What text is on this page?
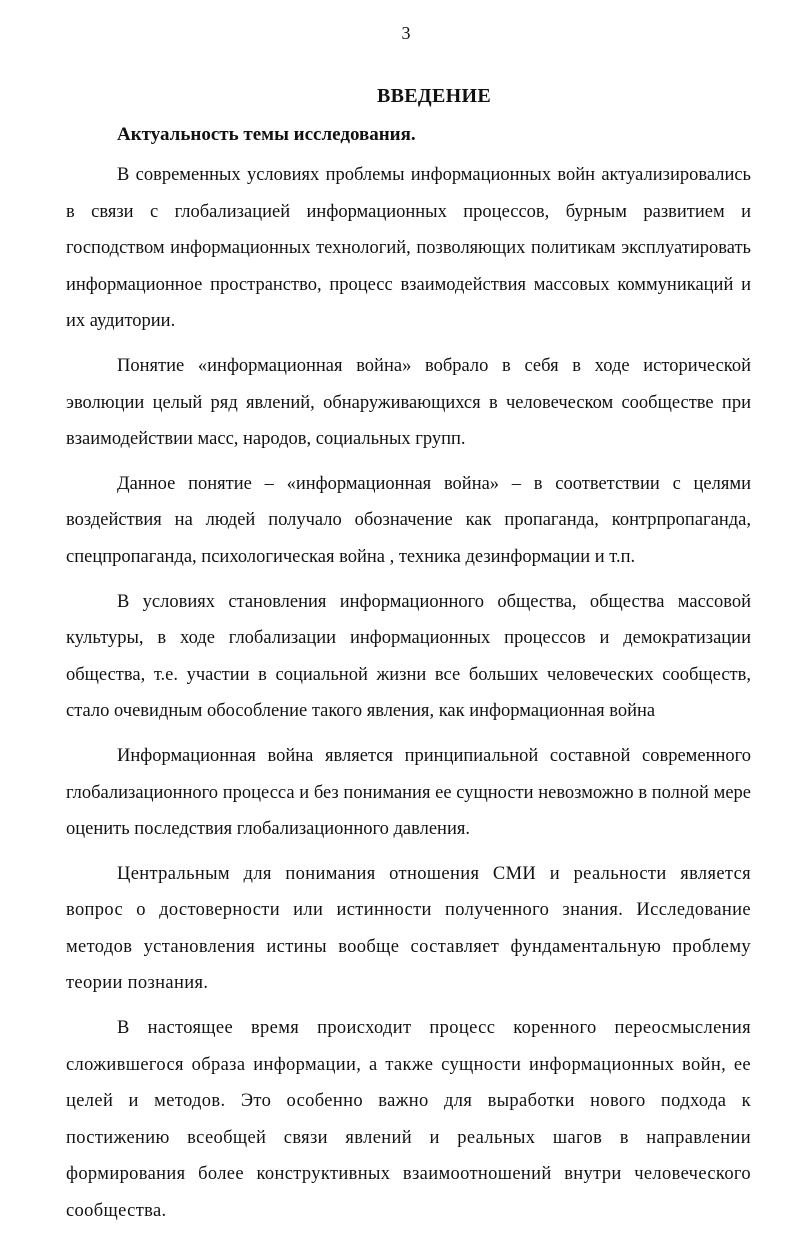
3
ВВЕДЕНИЕ
Актуальность темы исследования.

В современных условиях проблемы информационных войн актуализировались в связи с глобализацией информационных процессов, бурным развитием и господством информационных технологий, позволяющих политикам эксплуатировать информационное пространство, процесс взаимодействия массовых коммуникаций и их аудитории.

Понятие «информационная война» вобрало в себя в ходе исторической эволюции целый ряд явлений, обнаруживающихся в человеческом сообществе при взаимодействии масс, народов, социальных групп.

Данное понятие – «информационная война» – в соответствии с целями воздействия на людей получало обозначение как пропаганда, контрпропаганда, спецпропаганда, психологическая война , техника дезинформации и т.п.

В условиях становления информационного общества, общества массовой культуры, в ходе глобализации информационных процессов и демократизации общества, т.е. участии в социальной жизни все больших человеческих сообществ, стало очевидным обособление такого явления, как информационная война

Информационная война является принципиальной составной современного глобализационного процесса и без понимания ее сущности невозможно в полной мере оценить последствия глобализационного давления.

Центральным для понимания отношения СМИ и реальности является вопрос о достоверности или истинности полученного знания. Исследование методов установления истины вообще составляет фундаментальную проблему теории познания.

В настоящее время происходит процесс коренного переосмысления сложившегося образа информации, а также сущности информационных войн, ее целей и методов. Это особенно важно для выработки нового подхода к постижению всеобщей связи явлений и реальных шагов в направлении формирования более конструктивных взаимоотношений внутри человеческого сообщества.
